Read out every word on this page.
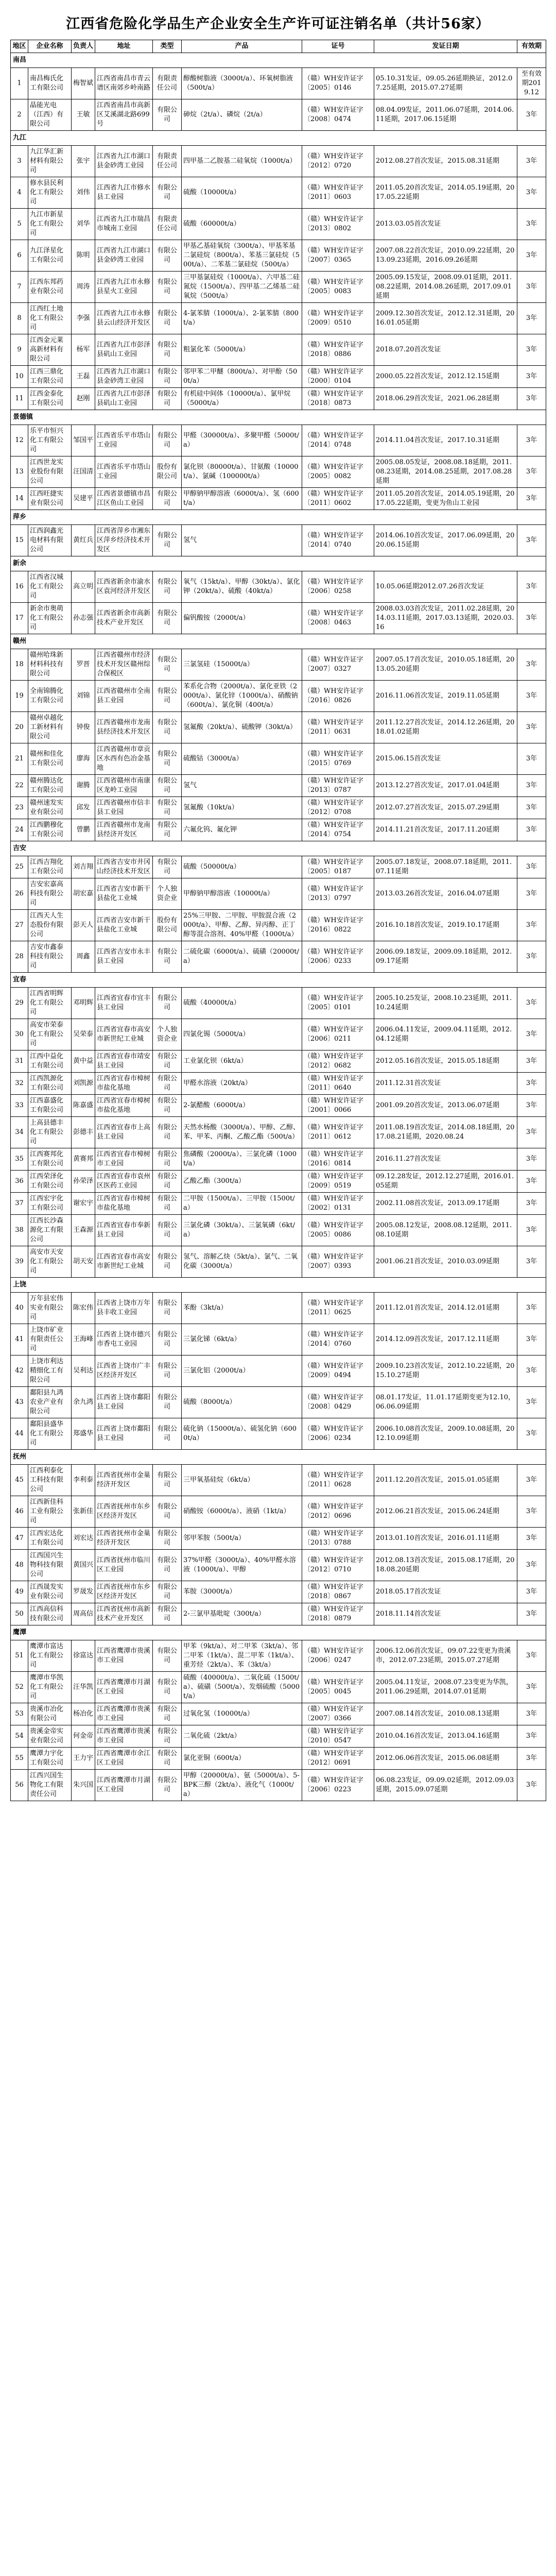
江西省危险化学品生产企业安全生产许可证注销名单（共计56家）
地区	企业名称	负责人	地址	类型	产品	证号	发证日期	有效期
南昌								
1	南昌梅氏化工有限公司	梅智斌	江西省南昌市青云谱区南郊乡岭南路	有限责任公司	醇酸树脂液（3000t/a）、环氧树脂液（500t/a）	（赣）WH安许证字〔2005〕0146	05.10.31发证，09.05.26延期换证，2012.07.25延期，2015.07.27延期	至有效期2019.12
2	晶能光电（江西）有限公司	王敏	江西省南昌市高新区艾溪湖北路699号	有限公司	砷烷（2t/a）、磷烷（2t/a）	（赣）WH安许证字〔2008〕0474	08.04.09发证，2011.06.07延期，2014.06.11延期，2017.06.15延期	3年
九江								
3	九江华汇新材料有限公司	张宇	江西省九江市湖口县金砂湾工业园	有限责任公司	四甲基二乙胺基二硅氧烷（1000t/a）	（赣）WH安许证字〔2012〕0720	2012.08.27首次发证，2015.08.31延期	3年
4	修水县民利化工有限公司	刘伟	江西省九江市修水县工业园	有限公司	硫酸（10000t/a）	（赣）WH安许证字〔2011〕0603	2011.05.20首次发证，2014.05.19延期，2017.05.22延期	3年
5	九江市新星化工有限公司	刘华	江西省九江市瑞昌市城南工业园	有限责任公司	硫酸（60000t/a）	（赣）WH安许证字〔2013〕0802	2013.03.05首次发证	3年
6	九江泽星化工有限公司	陈明	江西省九江市湖口县金砂湾工业园	有限公司	甲基乙基硅氧烷（300t/a）、甲基苯基二氯硅烷（800t/a）、苯基三氯硅烷（500t/a）、二苯基二氯硅烷（500t/a）	（赣）WH安许证字〔2007〕0365	2007.08.22首次发证，2010.09.22延期，2013.09.23延期，2016.09.26延期	3年
7	江西东邦药业有限公司	周涛	江西省九江市永修县星火工业园	有限公司	三甲基氯硅烷（1000t/a）、六甲基二硅氮烷（1500t/a）、四甲基二乙烯基二硅氧烷（500t/a）	（赣）WH安许证字〔2005〕0083	2005.09.15发证，2008.09.01延期，2011.08.22延期，2014.08.26延期，2017.09.01延期	3年
8	江西红土地化工有限公司	李强	江西省九江市永修县云山经济开发区	有限公司	4-氯苯腈（1000t/a）、2-氯苯腈（800t/a）	（赣）WH安许证字〔2009〕0510	2009.12.30首次发证，2012.12.31延期，2016.01.05延期	3年
9	江西金元莱高新材料有限公司	杨军	江西省九江市彭泽县矶山工业园	有限公司	粗氯化苯（5000t/a）	（赣）WH安许证字〔2018〕0886	2018.07.20首次发证	3年
10	江西三鼎化工有限公司	王磊	江西省九江市湖口县金砂湾工业园	有限公司	邻甲苯二甲醚（800t/a）、对甲酚（500t/a）	（赣）WH安许证字〔2000〕0104	2000.05.22首次发证，2012.12.15延期	3年
11	江西金泰化工有限公司	赵刚	江西省九江市彭泽县矶山工业园	有限公司	有机硅中间体（10000t/a）、氯甲烷（5000t/a）	（赣）WH安许证字〔2018〕0873	2018.06.29首次发证，2021.06.28延期	3年
景德镇								
12	乐平市恒兴化工有限公司	邹国平	江西省乐平市塔山工业园	有限公司	甲醛（30000t/a）、多聚甲醛（5000t/a）	（赣）WH安许证字〔2014〕0748	2014.11.04首次发证，2017.10.31延期	3年
13	江西世龙实业股份有限公司	汪国清	江西省乐平市塔山工业园	股份有限公司	氯化钡（80000t/a）、甘氨酸（10000t/a）、氯碱（100000t/a）	（赣）WH安许证字〔2005〕0082	2005.08.05发证，2008.08.18延期，2011.08.23延期，2014.08.25延期，2017.08.28延期	3年
14	江西旺捷实业有限公司	吴建平	江西省景德镇市昌江区鱼山工业园	有限公司	甲醇钠甲醇溶液（6000t/a）、氢（600t/a）	（赣）WH安许证字〔2011〕0602	2011.05.20首次发证，2014.05.19延期，2017.05.22延期，变更为鱼山工业园	3年
萍乡								
15	江西润鑫光电材料有限公司	黄红兵	江西省萍乡市湘东区萍乡经济技术开发区	有限公司	氢气	（赣）WH安许证字〔2014〕0740	2014.06.10首次发证，2017.06.09延期，2020.06.15延期	3年
新余								
16	江西省汉城化工有限公司	高立明	江西省新余市渝水区袁河经济开发区	有限公司	氧气（15kt/a）、甲醇（30kt/a）、氯化钾（20kt/a）、硫酸（40kt/a）	（赣）WH安许证字〔2006〕0258	10.05.06延期2012.07.26首次发证	3年
17	新余市奥萌化工有限公司	孙志强	江西省新余市高新技术产业开发区	有限公司	偏钒酸铵（2000t/a）	（赣）WH安许证字〔2008〕0463	2008.03.03首次发证，2011.02.28延期，2014.03.11延期，2017.03.13延期，2020.03.16	3年
赣州								
18	赣州哈珠新材料科技有限公司	罗晋	江西省赣州市经济技术开发区赣州综合保税区	有限公司	三氯氢硅（15000t/a）	（赣）WH安许证字〔2007〕0327	2007.05.17首次发证，2010.05.18延期，2013.05.20延期	3年
19	全南锦腾化工有限公司	刘锦	江西省赣州市全南县工业园	有限公司	苯系化合物（2000t/a）、氯化亚铁（2000t/a）、氯化锌（1000t/a）、硝酸钠（600t/a）、氯化铜（400t/a）	（赣）WH安许证字〔2016〕0826	2016.11.06首次发证，2019.11.05延期	3年
20	赣州卓越化工新材料有限公司	钟俊	江西省赣州市龙南县经济技术开发区	有限公司	氢氟酸（20kt/a）、硫酸钾（30kt/a）	（赣）WH安许证字〔2011〕0631	2011.12.27首次发证，2014.12.26延期，2018.01.02延期	3年
21	赣州和佳化工有限公司	廖海	江西省赣州市章贡区水西有色冶金基地	有限公司	硫酸钴（3000t/a）	（赣）WH安许证字〔2015〕0769	2015.06.15首次发证	3年
22	赣州腾达化工有限公司	谢腾	江西省赣州市南康区龙岭工业园	有限公司	氢气	（赣）WH安许证字〔2013〕0787	2013.12.27首次发证，2017.01.04延期	3年
23	赣州速发实业有限公司	邱发	江西省赣州市信丰县工业园	有限公司	氢氟酸（10kt/a）	（赣）WH安许证字〔2012〕0708	2012.07.27首次发证，2015.07.29延期	3年
24	江西鹏穆化工有限公司	曾鹏	江西省赣州市龙南县经济开发区	有限公司	六氟化钨、氟化钾	（赣）WH安许证字〔2014〕0754	2014.11.21首次发证，2017.11.20延期	3年
吉安								
25	江西吉翔化工有限公司	刘吉翔	江西省吉安市井冈山经济技术开发区	有限公司	硫酸（50000t/a）	（赣）WH安许证字〔2005〕0187	2005.07.18发证，2008.07.18延期，2011.07.11延期	3年
26	吉安宏嘉高科技有限公司	胡宏嘉	江西省吉安市新干县盐化工业城	个人独资企业	甲醇钠甲醇溶液（10000t/a）	（赣）WH安许证字〔2013〕0797	2013.03.26首次发证，2016.04.07延期	3年
27	江西天人生态股份有限公司	彭天人	江西省吉安市新干县盐化工业城	股份有限公司	25%三甲胺、二甲胺、甲胺混合液（2000t/a）、甲醇、乙醇、异丙醇、正丁醇等混合溶剂、40%甲醛（1000t/a）	（赣）WH安许证字〔2016〕0822	2016.10.18首次发证，2019.10.17延期	3年
28	吉安市鑫泰科技有限公司	周鑫	江西省吉安市永丰县工业园	有限公司	二硫化碳（6000t/a）、硫磺（20000t/a）	（赣）WH安许证字〔2006〕0233	2006.09.18发证，2009.09.18延期，2012.09.17延期	3年
宜春								
29	江西省明辉化工有限公司	邓明辉	江西省宜春市宜丰县工业园	有限公司	硫酸（40000t/a）	（赣）WH安许证字〔2005〕0101	2005.10.25发证，2008.10.23延期，2011.10.24延期	3年
30	高安市荣泰化工有限公司	吴荣泰	江西省宜春市高安市新世纪工业城	个人独资企业	四氯化锡（5000t/a）	（赣）WH安许证字〔2006〕0211	2006.04.11发证，2009.04.11延期，2012.04.12延期	3年
31	江西中益化工有限公司	黄中益	江西省宜春市靖安县工业园	有限公司	工业氯化钡（6kt/a）	（赣）WH安许证字〔2012〕0682	2012.05.16首次发证，2015.05.18延期	3年
32	江西凯源化工有限公司	刘凯源	江西省宜春市樟树市盐化基地	有限公司	甲醛水溶液（20kt/a）	（赣）WH安许证字〔2011〕0640	2011.12.31首次发证	3年
33	江西嘉盛化工有限公司	陈嘉盛	江西省宜春市樟树市盐化基地	有限公司	2-氯醋酸（6000t/a）	（赣）WH安许证字〔2001〕0066	2001.09.20首次发证，2013.06.07延期	3年
34	上高县德丰化工有限公司	彭德丰	江西省宜春市上高县工业园	有限公司	天然水杨酸（3000t/a）、甲醇、乙醇、苯、甲苯、丙酮、乙酸乙酯（500t/a）	（赣）WH安许证字〔2011〕0612	2011.08.19首次发证，2014.08.18延期，2017.08.21延期，2020.08.24	3年
35	江西赛邦化工有限公司	黄赛邦	江西省宜春市樟树市工业园	有限公司	焦磷酸（2000t/a）、三氯化磷（1000t/a）	（赣）WH安许证字〔2016〕0814	2016.11.27首次发证	3年
36	江西荣泽化工有限公司	孙荣泽	江西省宜春市袁州区医药工业园	有限公司	乙酸乙酯（300t/a）	（赣）WH安许证字〔2009〕0519	09.12.28发证，2012.12.27延期，2016.01.05延期	3年
37	江西宏宇化工有限公司	谢宏宇	江西省宜春市樟树市盐化基地	有限公司	二甲胺（1500t/a）、三甲胺（1500t/a）	（赣）WH安许证字〔2002〕0131	2002.11.08首次发证，2013.09.17延期	3年
38	江西长沙森源化工有限公司	王森源	江西省宜春市奉新县工业园	有限公司	三氯化磷（30kt/a）、三氯氧磷（6kt/a）	（赣）WH安许证字〔2005〕0086	2005.08.12发证，2008.08.12延期，2011.08.10延期	3年
39	高安市天安化工有限公司	胡天安	江西省宜春市高安市新世纪工业城	有限公司	氢气、溶解乙炔（5kt/a）、氯气、二氧化碳（3000t/a）	（赣）WH安许证字〔2007〕0393	2001.06.21首次发证，2010.03.09延期	3年
上饶								
40	万年县宏伟实业有限公司	陈宏伟	江西省上饶市万年县丰收工业园	有限公司	苯酚（3kt/a）	（赣）WH安许证字〔2011〕0625	2011.12.01首次发证，2014.12.01延期	3年
41	上饶市矿业有限责任公司	王海峰	江西省上饶市德兴市香屯工业园	有限公司	三氯化锑（6kt/a）	（赣）WH安许证字〔2014〕0760	2014.12.09首次发证，2017.12.11延期	3年
42	上饶市利达精细化工有限公司	吴利达	江西省上饶市广丰区经济开发区	有限公司	三氯化铝（2000t/a）	（赣）WH安许证字〔2009〕0494	2009.10.23首次发证，2012.10.22延期，2015.10.27延期	3年
43	鄱阳县九鸿农业产业有限公司	余九鸿	江西省上饶市鄱阳县工业园	有限公司	硫酸（8000t/a）	（赣）WH安许证字〔2008〕0429	08.01.17发证，11.01.17延期变更为12.10，06.06.09延期	3年
44	鄱阳县盛华化工有限公司	郑盛华	江西省上饶市鄱阳县工业园	有限公司	硫化钠（15000t/a）、硫氢化钠（6000t/a）	（赣）WH安许证字〔2006〕0234	2006.10.08首次发证，2009.10.08延期，2012.10.09延期	3年
抚州								
45	江西利泰化工科技有限公司	李利泰	江西省抚州市金巢经济开发区	有限公司	三甲氧基硅烷（6kt/a）	（赣）WH安许证字〔2011〕0628	2011.12.20首次发证，2015.01.05延期	3年
46	江西新佳科工业有限公司	张新佳	江西省抚州市东乡区经济开发区	有限公司	硝酸铵（6000t/a）、液硝（1kt/a）	（赣）WH安许证字〔2012〕0696	2012.06.21首次发证，2015.06.24延期	3年
47	江西宏达化工有限公司	刘宏达	江西省抚州市金巢经济开发区	有限公司	邻甲苯胺（500t/a）	（赣）WH安许证字〔2013〕0788	2013.01.10首次发证，2016.01.11延期	3年
48	江西国兴生物科技有限公司	黄国兴	江西省抚州市临川区工业园	有限公司	37%甲醛（3000t/a）、40%甲醛水溶液（1000t/a）、甲醇	（赣）WH安许证字〔2012〕0710	2012.08.13首次发证，2015.08.17延期，2018.08.20延期	3年
49	江西晟发实业有限公司	罗晟发	江西省抚州市东乡区经济开发区	有限公司	苯胺（3000t/a）	（赣）WH安许证字〔2018〕0867	2018.05.17首次发证	3年
50	江西高信科技有限公司	周高信	江西省抚州市高新技术产业开发区	有限公司	2-三氯甲基吡啶（300t/a）	（赣）WH安许证字〔2018〕0879	2018.11.14首次发证	3年
鹰潭								
51	鹰潭市富达化工有限公司	徐富达	江西省鹰潭市贵溪市工业园	有限公司	甲苯（9kt/a）、对二甲苯（3kt/a）、邻二甲苯（1kt/a）、混二甲苯（1kt/a）、重芳烃（2kt/a）、苯（3kt/a）	（赣）WH安许证字〔2006〕0247	2006.12.06首次发证，09.07.22变更为贵溪市，2012.07.23延期，2015.07.27延期	3年
52	鹰潭市华凯化工有限公司	汪华凯	江西省鹰潭市月湖区工业园	有限公司	硫酸（40000t/a）、二氧化硫（1500t/a）、硫磺（500t/a）、发烟硫酸（5000t/a）	（赣）WH安许证字〔2005〕0045	2005.04.11发证，2008.07.23变更为华凯，2011.06.29延期，2014.07.01延期	3年
53	贵溪市冶化有限公司	杨冶化	江西省鹰潭市贵溪市工业园	有限公司	过氧化氢（10000t/a）	（赣）WH安许证字〔2007〕0366	2007.08.14首次发证，2010.08.13延期	3年
54	贵溪金帝实业有限公司	何金帝	江西省鹰潭市贵溪市工业园	有限公司	二氧化硫（2kt/a）	（赣）WH安许证字〔2010〕0547	2010.04.16首次发证，2013.04.16延期	3年
55	鹰潭力宇化工有限公司	王力宇	江西省鹰潭市余江区工业园	有限公司	氯化亚铜（600t/a）	（赣）WH安许证字〔2012〕0691	2012.06.06首次发证，2015.06.08延期	3年
56	江西兴国生物化工有限责任公司	朱兴国	江西省鹰潭市月湖区工业园	有限公司	甲醇（20000t/a）、氨（5000t/a）、5-BPK三醇（2kt/a）、液化气（1000t/a）	（赣）WH安许证字〔2006〕0223	06.08.23发证，09.09.02延期，2012.09.03延期，2015.09.07延期	3年
